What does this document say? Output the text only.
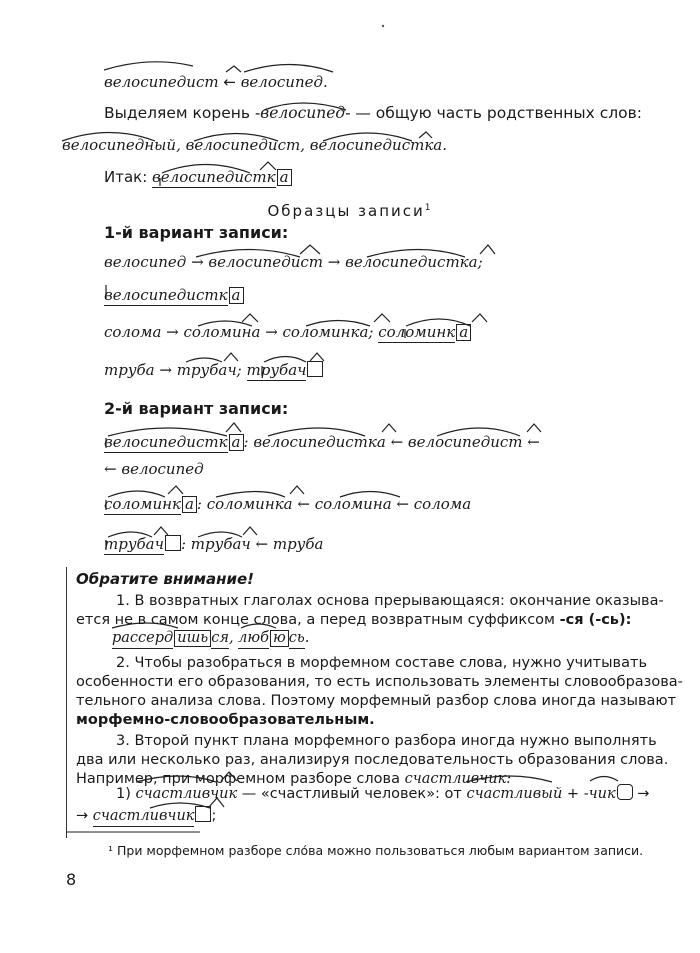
велосипедист ← велосипед.
Выделяем корень -велосипед- — общую часть родственных слов:
велосипедный, велосипедист, велосипедистка.
Итак: велосипедистк а
Образцы записи$^1$
1-й вариант записи:
велосипед → велосипедист → велосипедистка;
велосипедистк а
солома → соломина → соломинка; соломинк а
труба → трубач; трубач
2-й вариант записи:
велосипедистк а : велосипедистка ← велосипедист ←
← велосипед
соломинк а : соломинка ← соломина ← солома
трубач : трубач ← труба
Обратите внимание!
1. В возвратных глаголах основа прерывающаяся: окончание оказыва-
ется не в самом конце слова, а перед возвратным суффиксом -ся (-сь):
рассерд ишь ся, люб ю сь.
2. Чтобы разобраться в морфемном составе слова, нужно учитывать
особенности его образования, то есть использовать элементы словообразова-
тельного анализа слова. Поэтому морфемный разбор слова иногда называют
морфемно-словообразовательным.
3. Второй пункт плана морфемного разбора иногда нужно выполнять
два или несколько раз, анализируя последовательность образования слова.
Например, при морфемном разборе слова счастливчик:
1) счастливчик — «счастливый человек»: от счастливый + -чик →
→ счастливчик ;
¹ При морфемном разборе сло́ва можно пользоваться любым вариантом записи.
8
